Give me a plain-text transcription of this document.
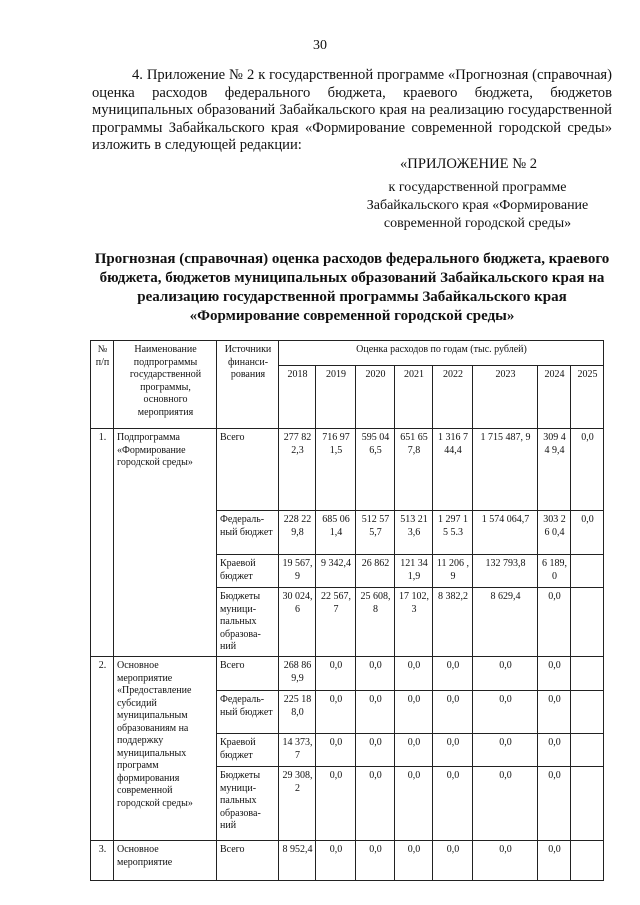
30
4. Приложение № 2 к государственной программе «Прогнозная (справочная) оценка расходов федерального бюджета, краевого бюджета, бюджетов муниципальных образований Забайкальского края на реализацию государственной программы Забайкальского края «Формирование современной городской среды» изложить в следующей редакции:
«ПРИЛОЖЕНИЕ № 2
к государственной программе
Забайкальского края «Формирование
современной городской среды»
Прогнозная (справочная) оценка расходов федерального бюджета, краевого бюджета, бюджетов муниципальных образований Забайкальского края на реализацию государственной программы Забайкальского края «Формирование современной городской среды»
№ п/п	Наименование подпрограммы государственной программы, основного мероприятия	Источники финанси-рования	Оценка расходов по годам (тыс. рублей)							
			2018	2019	2020	2021	2022	2023	2024	2025
1.	Подпрограмма «Формирование городской среды»	Всего	277 822,3	716 971,5	595 046,5	651 65 7,8	1 316 744,4	1 715 487, 9	309 44 9,4	0,0
		Федераль-ный бюджет	228 229,8	685 061,4	512 575,7	513 213,6	1 297 15 5.3	1 574 064,7	303 26 0,4	0,0
		Краевой бюджет	19 567,9	9 342,4	26 862	121 341,9	11 206 ,9	132 793,8	6 189, 0	
		Бюджеты муници-пальных образова-ний	30 024,6	22 567,7	25 608,8	17 102,3	8 382,2	8 629,4	0,0	
2.	Основное мероприятие «Предоставление субсидий муниципальным образованиям на поддержку муниципальных программ формирования современной городской среды»	Всего	268 869,9	0,0	0,0	0,0	0,0	0,0	0,0	
		Федераль-ный бюджет	225 188,0	0,0	0,0	0,0	0,0	0,0	0,0	
		Краевой бюджет	14 373,7	0,0	0,0	0,0	0,0	0,0	0,0	
		Бюджеты муници-пальных образова-ний	29 308,2	0,0	0,0	0,0	0,0	0,0	0,0	
3.	Основное мероприятие	Всего	8 952,4	0,0	0,0	0,0	0,0	0,0	0,0	
